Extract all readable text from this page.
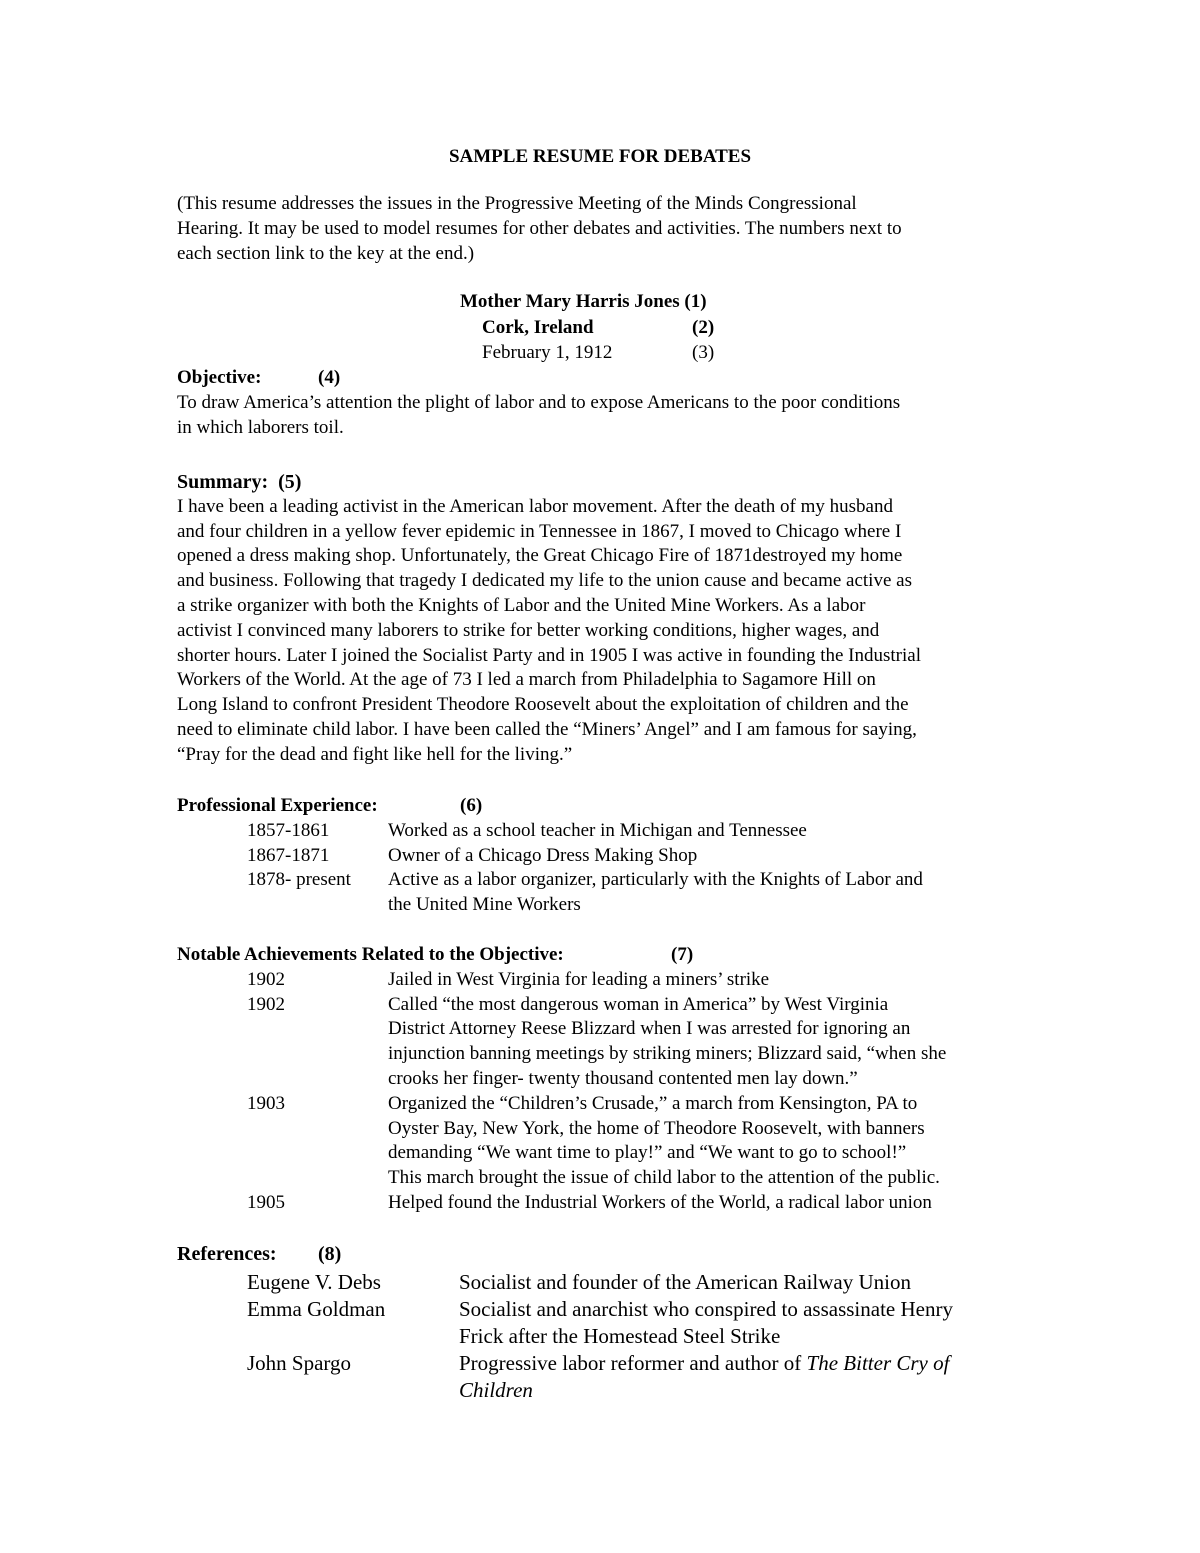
SAMPLE RESUME FOR DEBATES

(This resume addresses the issues in the Progressive Meeting of the Minds Congressional

Hearing. It may be used to model resumes for other debates and activities. The numbers next to

each section link to the key at the end.)

Mother Mary Harris Jones (1)
Cork, Ireland	(2)
February 1, 1912	(3)
Objective:	(4)

To draw America’s attention the plight of labor and to expose Americans to the poor conditions

in which laborers toil.

Summary: (5)

I have been a leading activist in the American labor movement. After the death of my husband

and four children in a yellow fever epidemic in Tennessee in 1867, I moved to Chicago where I

opened a dress making shop. Unfortunately, the Great Chicago Fire of 1871destroyed my home

and business. Following that tragedy I dedicated my life to the union cause and became active as

a strike organizer with both the Knights of Labor and the United Mine Workers. As a labor

activist I convinced many laborers to strike for better working conditions, higher wages, and

shorter hours. Later I joined the Socialist Party and in 1905 I was active in founding the Industrial

Workers of the World. At the age of 73 I led a march from Philadelphia to Sagamore Hill on

Long Island to confront President Theodore Roosevelt about the exploitation of children and the

need to eliminate child labor. I have been called the “Miners’ Angel” and I am famous for saying,

“Pray for the dead and fight like hell for the living.”

Professional Experience:	(6)
1857-1861	Worked as a school teacher in Michigan and Tennessee

1867-1871	Owner of a Chicago Dress Making Shop

1878- present Active as a labor organizer, particularly with the Knights of Labor and

the United Mine Workers

Notable Achievements Related to the Objective:	(7)
1902	Jailed in West Virginia for leading a miners’ strike

1902	Called “the most dangerous woman in America” by West Virginia

District Attorney Reese Blizzard when I was arrested for ignoring an

injunction banning meetings by striking miners; Blizzard said, “when she

crooks her finger- twenty thousand contented men lay down.”

1903	Organized the “Children’s Crusade,” a march from Kensington, PA to

Oyster Bay, New York, the home of Theodore Roosevelt, with banners

demanding “We want time to play!” and “We want to go to school!”

This march brought the issue of child labor to the attention of the public.

1905	Helped found the Industrial Workers of the World, a radical labor union

References: (8)
Eugene V. Debs	Socialist and founder of the American Railway Union

Emma Goldman	Socialist and anarchist who conspired to assassinate Henry

Frick after the Homestead Steel Strike

John Spargo	Progressive labor reformer and author of The Bitter Cry of

Children
